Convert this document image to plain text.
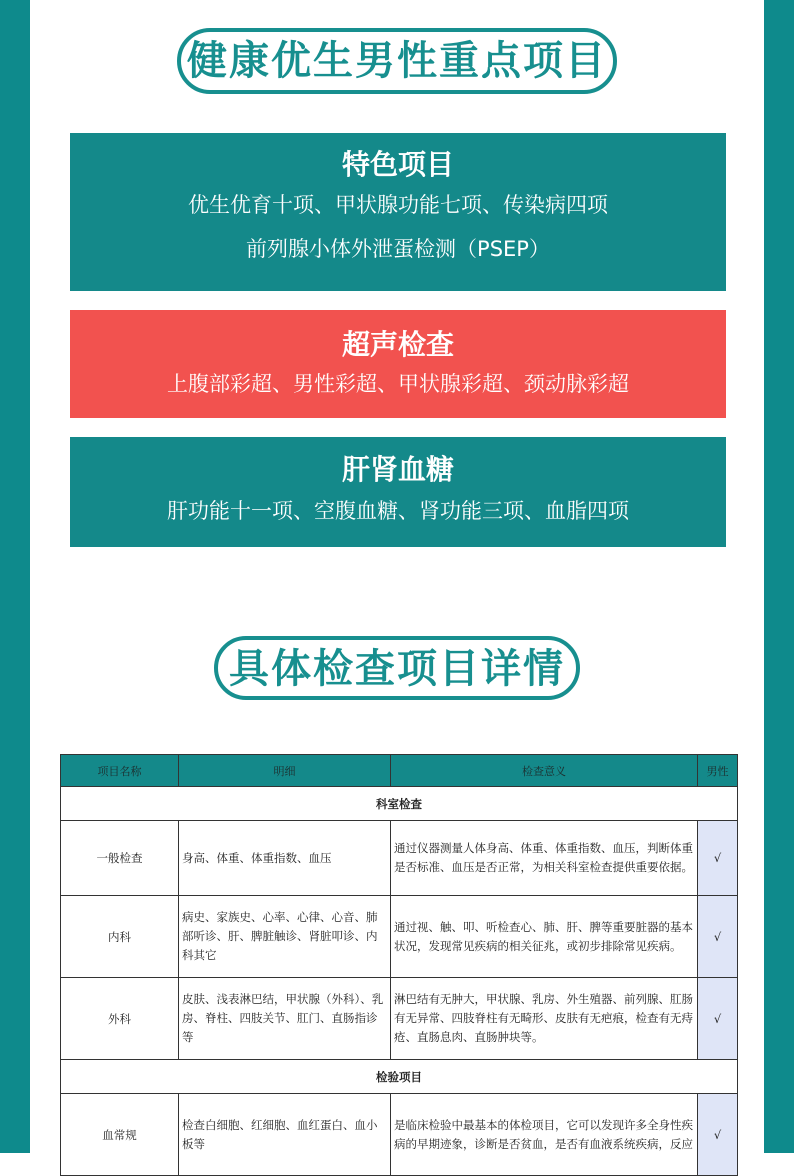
健康优生男性重点项目
特色项目
优生优育十项、甲状腺功能七项、传染病四项
前列腺小体外泄蛋检测（PSEP）
超声检查
上腹部彩超、男性彩超、甲状腺彩超、颈动脉彩超
肝肾血糖
肝功能十一项、空腹血糖、肾功能三项、血脂四项
具体检查项目详情
项目名称	明细	检查意义	男性
科室检查			
一般检查	身高、体重、体重指数、血压	通过仪器测量人体身高、体重、体重指数、血压，判断体重是否标准、血压是否正常，为相关科室检查提供重要依据。	√
内科	病史、家族史、心率、心律、心音、肺部听诊、肝、脾脏触诊、肾脏叩诊、内科其它	通过视、触、叩、听检查心、肺、肝、脾等重要脏器的基本状况，发现常见疾病的相关征兆，或初步排除常见疾病。	√
外科	皮肤、浅表淋巴结，甲状腺（外科）、乳房、脊柱、四肢关节、肛门、直肠指诊等	淋巴结有无肿大，甲状腺、乳房、外生殖器、前列腺、肛肠有无异常、四肢脊柱有无畸形、皮肤有无疤痕，检查有无痔疮、直肠息肉、直肠肿块等。	√
检验项目			
血常规	检查白细胞、红细胞、血红蛋白、血小板等	是临床检验中最基本的体检项目，它可以发现许多全身性疾病的早期迹象，诊断是否贫血，是否有血液系统疾病，反应	√
